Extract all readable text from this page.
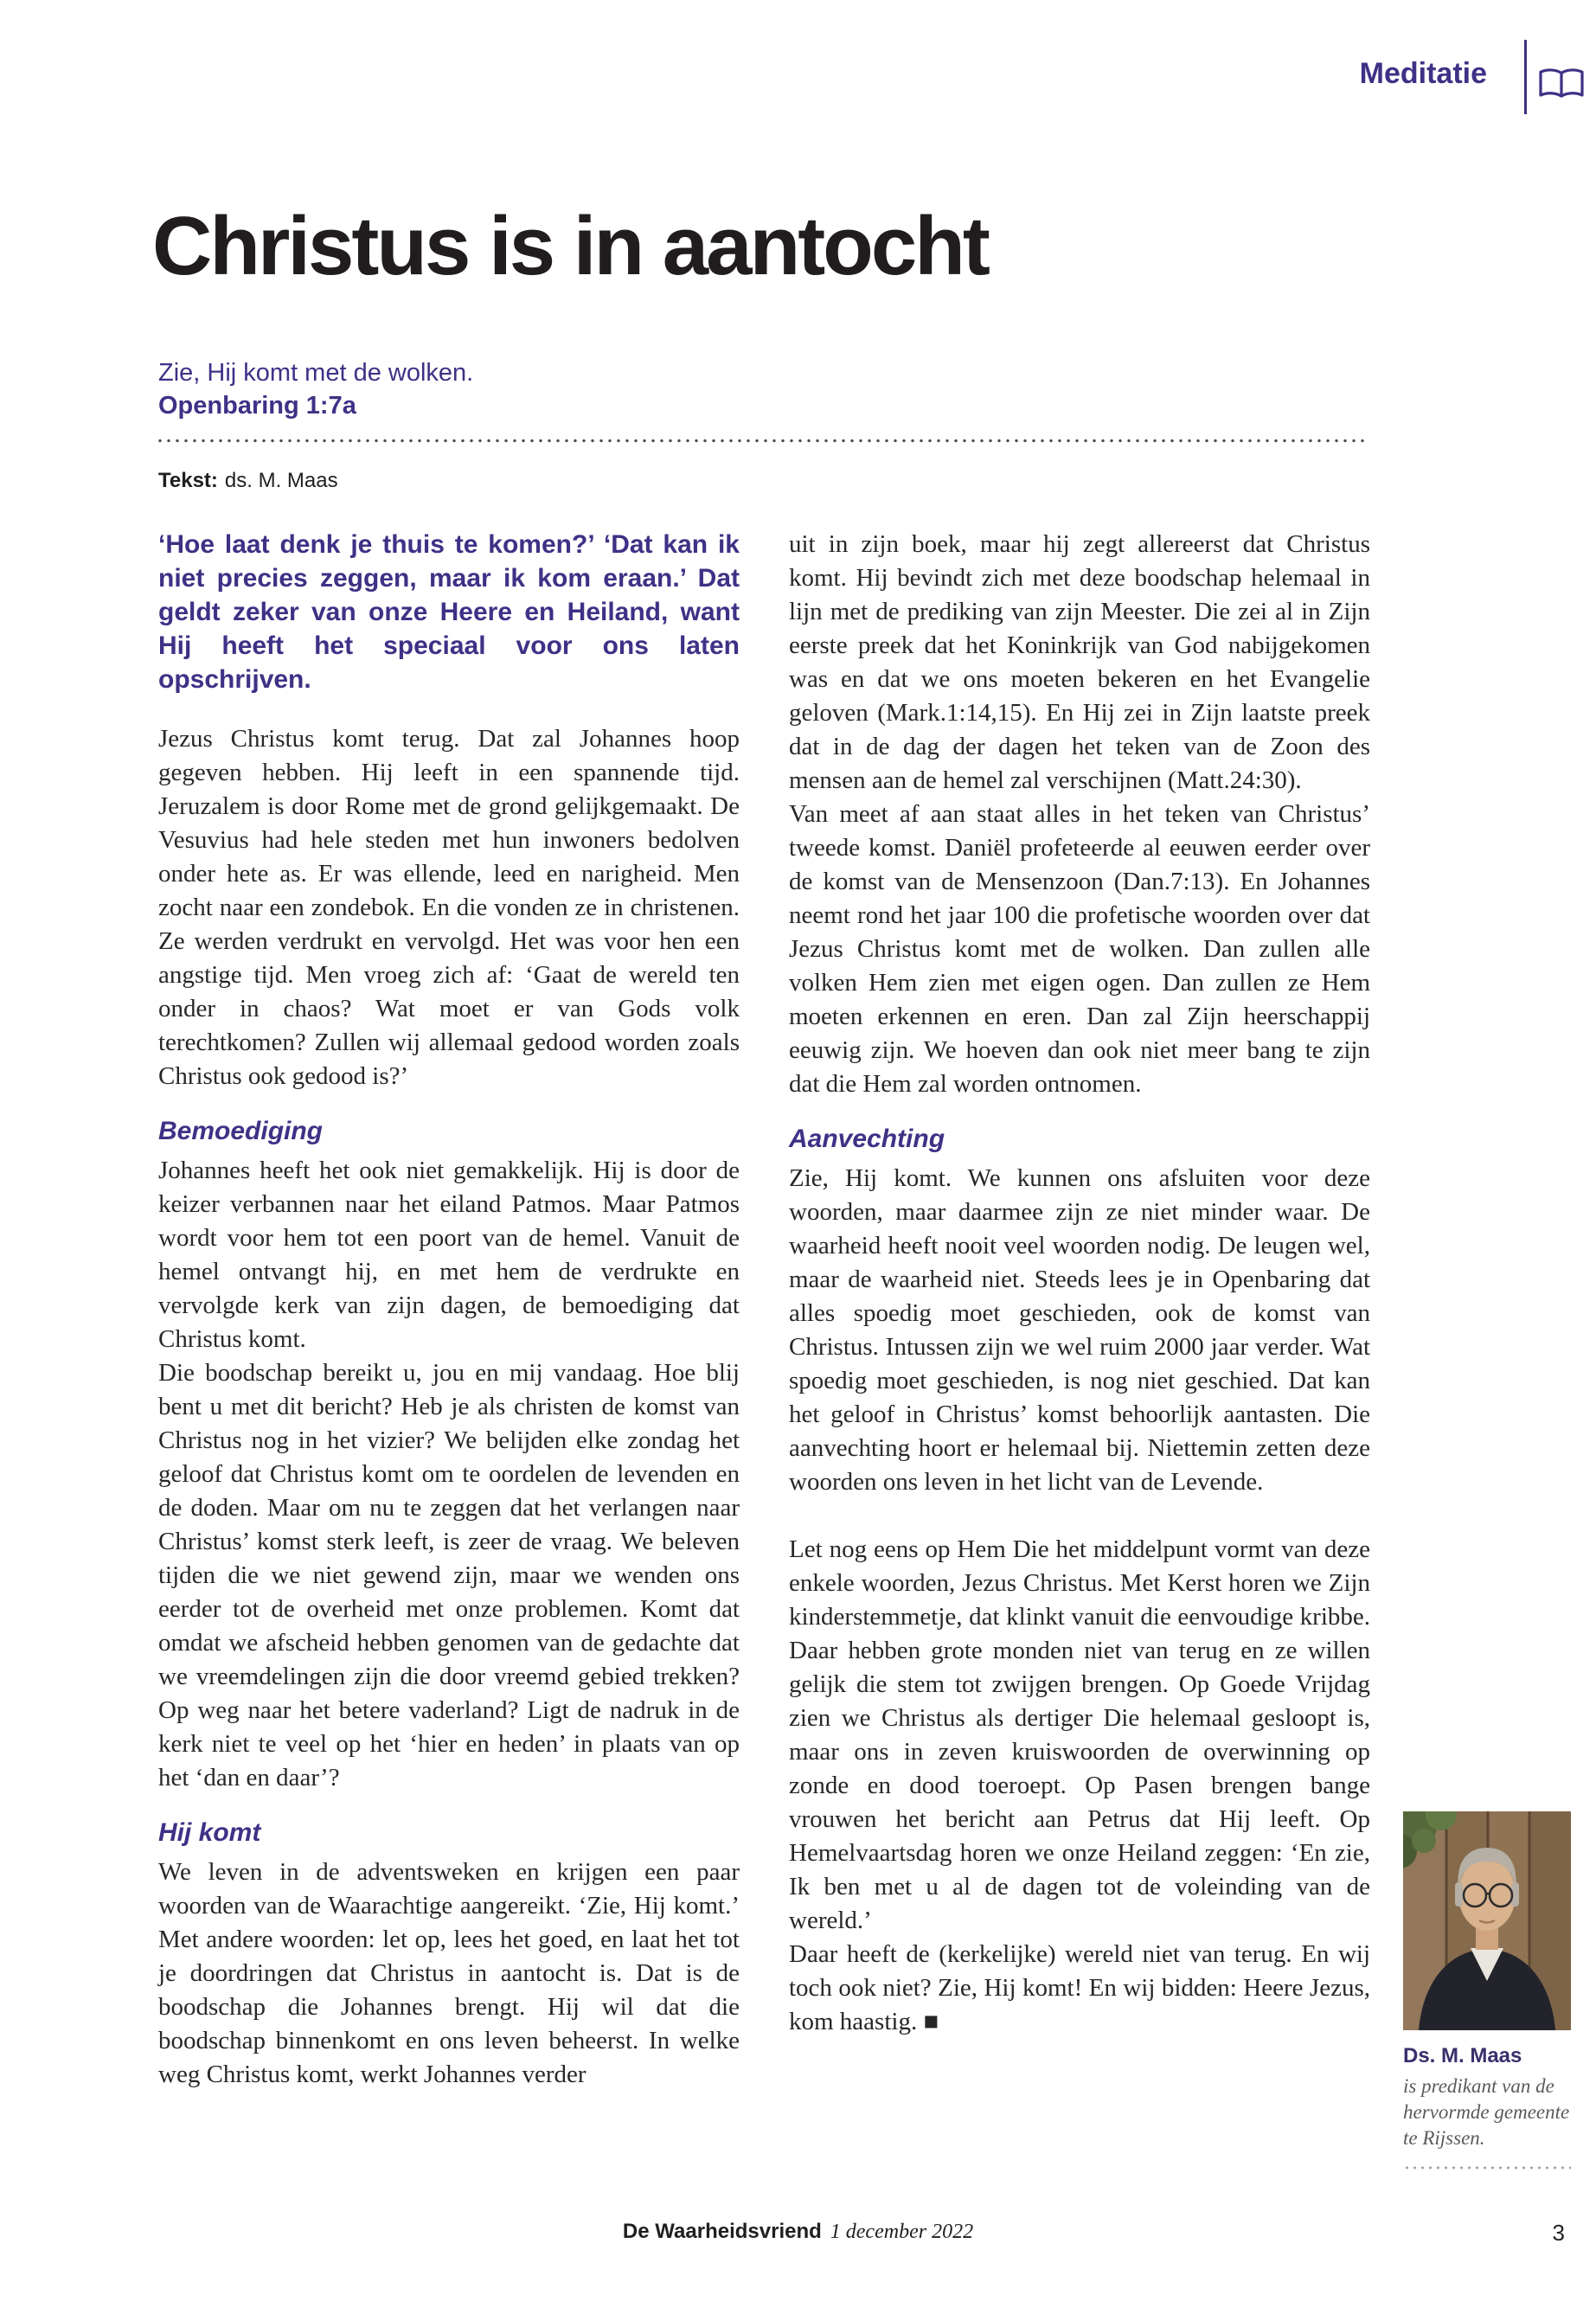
Meditatie
Christus is in aantocht
Zie, Hij komt met de wolken.
Openbaring 1:7a
Tekst: ds. M. Maas

‘Hoe laat denk je thuis te komen?’ ‘Dat kan ik niet precies zeggen, maar ik kom eraan.’ Dat geldt zeker van onze Heere en Heiland, want Hij heeft het speciaal voor ons laten opschrijven.

Jezus Christus komt terug. Dat zal Johannes hoop gegeven hebben. Hij leeft in een spannende tijd. Jeruzalem is door Rome met de grond gelijkgemaakt. De Vesuvius had hele steden met hun inwoners bedolven onder hete as. Er was ellende, leed en narigheid. Men zocht naar een zondebok. En die vonden ze in christenen. Ze werden verdrukt en vervolgd. Het was voor hen een angstige tijd. Men vroeg zich af: ‘Gaat de wereld ten onder in chaos? Wat moet er van Gods volk terechtkomen? Zullen wij allemaal gedood worden zoals Christus ook gedood is?’

Bemoediging

Johannes heeft het ook niet gemakkelijk. Hij is door de keizer verbannen naar het eiland Patmos. Maar Patmos wordt voor hem tot een poort van de hemel. Vanuit de hemel ontvangt hij, en met hem de verdrukte en vervolgde kerk van zijn dagen, de bemoediging dat Christus komt.

Die boodschap bereikt u, jou en mij vandaag. Hoe blij bent u met dit bericht? Heb je als christen de komst van Christus nog in het vizier? We belijden elke zondag het geloof dat Christus komt om te oordelen de levenden en de doden. Maar om nu te zeggen dat het verlangen naar Christus’ komst sterk leeft, is zeer de vraag. We beleven tijden die we niet gewend zijn, maar we wenden ons eerder tot de overheid met onze problemen. Komt dat omdat we afscheid hebben genomen van de gedachte dat we vreemdelingen zijn die door vreemd gebied trekken? Op weg naar het betere vaderland? Ligt de nadruk in de kerk niet te veel op het ‘hier en heden’ in plaats van op het ‘dan en daar’?

Hij komt

We leven in de adventsweken en krijgen een paar woorden van de Waarachtige aangereikt. ‘Zie, Hij komt.’ Met andere woorden: let op, lees het goed, en laat het tot je doordringen dat Christus in aantocht is. Dat is de boodschap die Johannes brengt. Hij wil dat die boodschap binnenkomt en ons leven beheerst. In welke weg Christus komt, werkt Johannes verder

uit in zijn boek, maar hij zegt allereerst dat Christus komt. Hij bevindt zich met deze boodschap helemaal in lijn met de prediking van zijn Meester. Die zei al in Zijn eerste preek dat het Koninkrijk van God nabijgekomen was en dat we ons moeten bekeren en het Evangelie geloven (Mark.1:14,15). En Hij zei in Zijn laatste preek dat in de dag der dagen het teken van de Zoon des mensen aan de hemel zal verschijnen (Matt.24:30).

Van meet af aan staat alles in het teken van Christus’ tweede komst. Daniël profeteerde al eeuwen eerder over de komst van de Mensenzoon (Dan.7:13). En Johannes neemt rond het jaar 100 die profetische woorden over dat Jezus Christus komt met de wolken. Dan zullen alle volken Hem zien met eigen ogen. Dan zullen ze Hem moeten erkennen en eren. Dan zal Zijn heerschappij eeuwig zijn. We hoeven dan ook niet meer bang te zijn dat die Hem zal worden ontnomen.

Aanvechting

Zie, Hij komt. We kunnen ons afsluiten voor deze woorden, maar daarmee zijn ze niet minder waar. De waarheid heeft nooit veel woorden nodig. De leugen wel, maar de waarheid niet. Steeds lees je in Openbaring dat alles spoedig moet geschieden, ook de komst van Christus. Intussen zijn we wel ruim 2000 jaar verder. Wat spoedig moet geschieden, is nog niet geschied. Dat kan het geloof in Christus’ komst behoorlijk aantasten. Die aanvechting hoort er helemaal bij. Niettemin zetten deze woorden ons leven in het licht van de Levende.

Let nog eens op Hem Die het middelpunt vormt van deze enkele woorden, Jezus Christus. Met Kerst horen we Zijn kinderstemmetje, dat klinkt vanuit die eenvoudige kribbe. Daar hebben grote monden niet van terug en ze willen gelijk die stem tot zwijgen brengen. Op Goede Vrijdag zien we Christus als dertiger Die helemaal gesloopt is, maar ons in zeven kruiswoorden de overwinning op zonde en dood toeroept. Op Pasen brengen bange vrouwen het bericht aan Petrus dat Hij leeft. Op Hemelvaartsdag horen we onze Heiland zeggen: ‘En zie, Ik ben met u al de dagen tot de voleinding van de wereld.’

Daar heeft de (kerkelijke) wereld niet van terug. En wij toch ook niet? Zie, Hij komt! En wij bidden: Heere Jezus, kom haastig. ■

Ds. M. Maas
is predikant van de hervormde gemeente te Rijssen.
De Waarheidsvriend 1 december 2022	3
